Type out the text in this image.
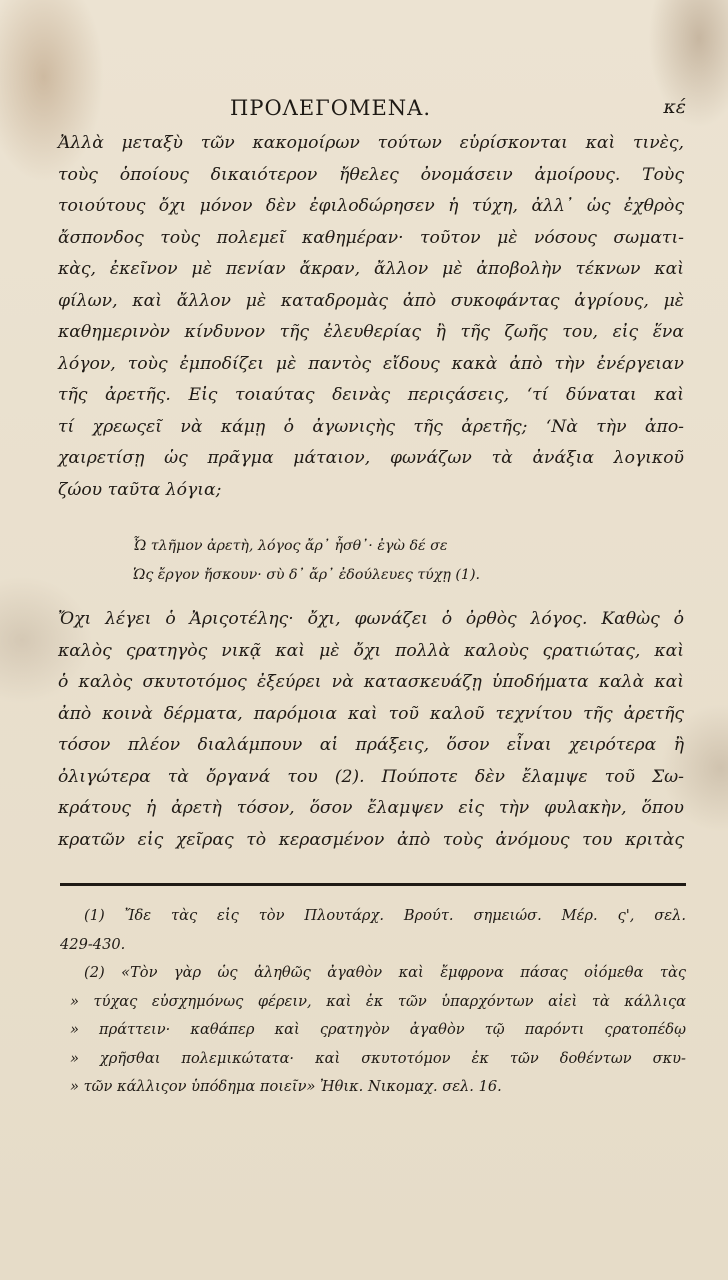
ΠΡΟΛΕΓΟΜΕΝΑ.	κέ
Ἀλλὰ μεταξὺ τῶν κακομοίρων τούτων εὑρίσκονται καὶ τινὲς,
τοὺς ὁποίους δικαιότερον ἤθελες ὀνομάσειν ἀμοίρους. Τοὺς
τοιούτους ὄχι μόνον δὲν ἐφιλοδώρησεν ἡ τύχη, ἀλλ᾽ ὡς ἐχθρὸς
ἄσπονδος τοὺς πολεμεῖ καθημέραν· τοῦτον μὲ νόσους σωματι-
κὰς, ἐκεῖνον μὲ πενίαν ἄκραν, ἄλλον μὲ ἀποβολὴν τέκνων καὶ
φίλων, καὶ ἄλλον μὲ καταδρομὰς ἀπὸ συκοφάντας ἀγρίους, μὲ
καθημερινὸν κίνδυνον τῆς ἐλευθερίας ἢ τῆς ζωῆς του, εἰς ἕνα
λόγον, τοὺς ἐμποδίζει μὲ παντὸς εἴδους κακὰ ἀπὸ τὴν ἐνέργειαν
τῆς ἀρετῆς. Εἰς τοιαύτας δεινὰς περιςάσεις, ‘τί δύναται καὶ
τί χρεωςεῖ νὰ κάμῃ ὁ ἀγωνιςὴς τῆς ἀρετῆς; ‘Νὰ τὴν ἀπο-
χαιρετίσῃ ὡς πρᾶγμα μάταιον, φωνάζων τὰ ἀνάξια λογικοῦ
ζώου ταῦτα λόγια;
Ὦ τλῆμον ἀρετὴ, λόγος ἄρ᾽ ἦσθ᾽· ἐγὼ δέ σε
Ὡς ἔργον ἤσκουν· σὺ δ᾽ ἄρ᾽ ἐδούλευες τύχῃ (1).
Ὄχι λέγει ὁ Ἀριςοτέλης· ὄχι, φωνάζει ὁ ὀρθὸς λόγος. Καθὼς ὁ
καλὸς ςρατηγὸς νικᾷ καὶ μὲ ὄχι πολλὰ καλοὺς ςρατιώτας, καὶ
ὁ καλὸς σκυτοτόμος ἐξεύρει νὰ κατασκευάζῃ ὑποδήματα καλὰ καὶ
ἀπὸ κοινὰ δέρματα, παρόμοια καὶ τοῦ καλοῦ τεχνίτου τῆς ἀρετῆς
τόσον πλέον διαλάμπουν αἱ πράξεις, ὅσον εἶναι χειρότερα ἢ
ὀλιγώτερα τὰ ὄργανά του (2). Πούποτε δὲν ἔλαμψε τοῦ Σω-
κράτους ἡ ἀρετὴ τόσον, ὅσον ἔλαμψεν εἰς τὴν φυλακὴν, ὅπου
κρατῶν εἰς χεῖρας τὸ κερασμένον ἀπὸ τοὺς ἀνόμους του κριτὰς
(1) Ἴδε τὰς εἰς τὸν Πλουτάρχ. Βρούτ. σημειώσ. Μέρ. ς', σελ.
429-430.
(2) «Τὸν γὰρ ὡς ἀληθῶς ἀγαθὸν καὶ ἔμφρονα πάσας οἰόμεθα τὰς
» τύχας εὐσχημόνως φέρειν, καὶ ἐκ τῶν ὑπαρχόντων αἰεὶ τὰ κάλλιςα
» πράττειν· καθάπερ καὶ ςρατηγὸν ἀγαθὸν τῷ παρόντι ςρατοπέδῳ
» χρῆσθαι πολεμικώτατα· καὶ σκυτοτόμον ἐκ τῶν δοθέντων σκυ-
» τῶν κάλλιςον ὑπόδημα ποιεῖν» Ἠθικ. Νικομαχ. σελ. 16.
